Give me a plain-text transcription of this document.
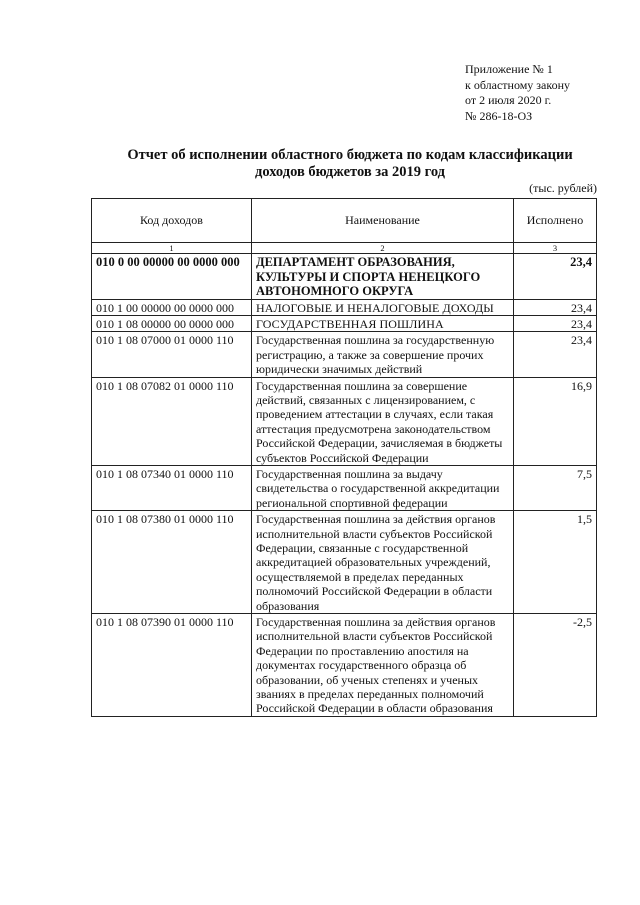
Приложение № 1
к областному закону
от 2 июля 2020 г.
№ 286-18-ОЗ
Отчет об исполнении областного бюджета по кодам классификации
доходов бюджетов за 2019 год
(тыс. рублей)
Код доходов	Наименование	Исполнено
1	2	3
010 0 00 00000 00 0000 000	ДЕПАРТАМЕНТ ОБРАЗОВАНИЯ, КУЛЬТУРЫ И СПОРТА НЕНЕЦКОГО АВТОНОМНОГО ОКРУГА	23,4
010 1 00 00000 00 0000 000	НАЛОГОВЫЕ И НЕНАЛОГОВЫЕ ДОХОДЫ	23,4
010 1 08 00000 00 0000 000	ГОСУДАРСТВЕННАЯ ПОШЛИНА	23,4
010 1 08 07000 01 0000 110	Государственная пошлина за государственную регистрацию, а также за совершение прочих юридически значимых действий	23,4
010 1 08 07082 01 0000 110	Государственная пошлина за совершение действий, связанных с лицензированием, с проведением аттестации в случаях, если такая аттестация предусмотрена законодательством Российской Федерации, зачисляемая в бюджеты субъектов Российской Федерации	16,9
010 1 08 07340 01 0000 110	Государственная пошлина за выдачу свидетельства о государственной аккредитации региональной спортивной федерации	7,5
010 1 08 07380 01 0000 110	Государственная пошлина за действия органов исполнительной власти субъектов Российской Федерации, связанные с государственной аккредитацией образовательных учреждений, осуществляемой в пределах переданных полномочий Российской Федерации в области образования	1,5
010 1 08 07390 01 0000 110	Государственная пошлина за действия органов исполнительной власти субъектов Российской Федерации по проставлению апостиля на документах государственного образца об образовании, об ученых степенях и ученых званиях в пределах переданных полномочий Российской Федерации в области образования	-2,5
